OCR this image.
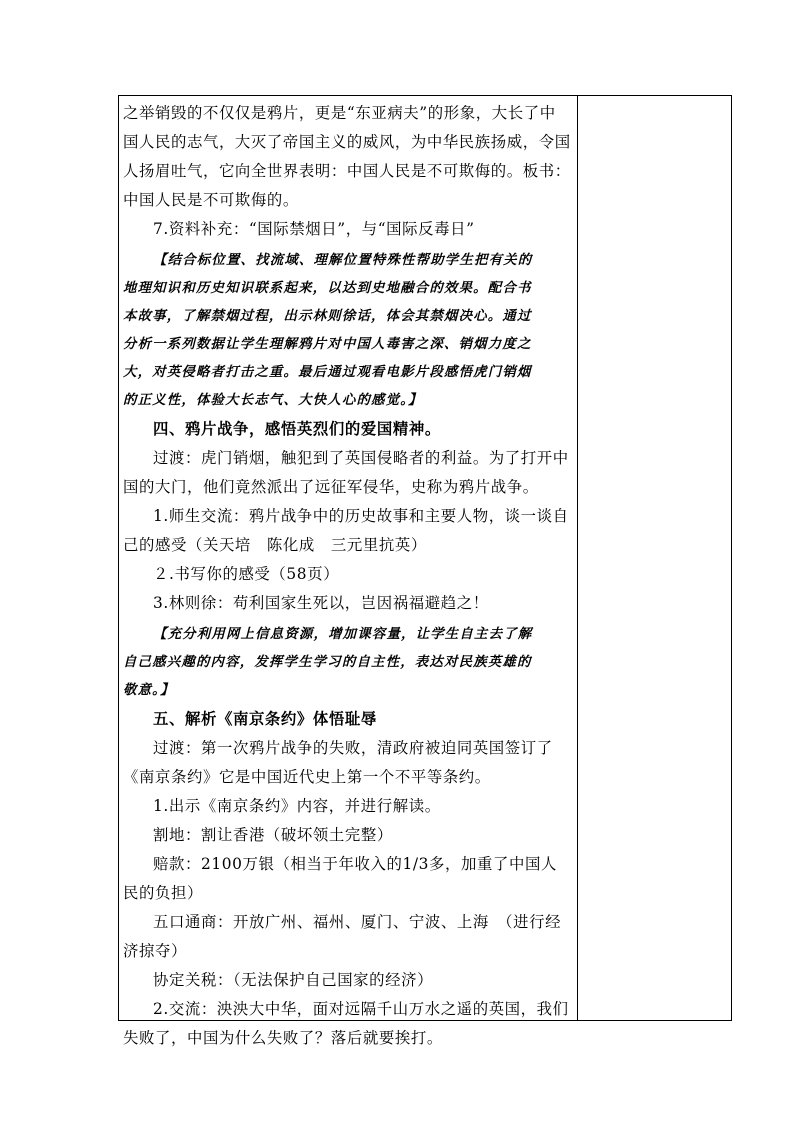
之举销毁的不仅仅是鸦片，更是“东亚病夫”的形象，大长了中
国人民的志气，大灭了帝国主义的威风，为中华民族扬威，令国
人扬眉吐气，它向全世界表明：中国人民是不可欺侮的。板书：
中国人民是不可欺侮的。
7.资料补充：“国际禁烟日”，与“国际反毒日”
【结合标位置、找流域、理解位置特殊性帮助学生把有关的
地理知识和历史知识联系起来，以达到史地融合的效果。配合书
本故事，了解禁烟过程，出示林则徐话，体会其禁烟决心。通过
分析一系列数据让学生理解鸦片对中国人毒害之深、销烟力度之
大，对英侵略者打击之重。最后通过观看电影片段感悟虎门销烟
的正义性，体验大长志气、大快人心的感觉。】
四、鸦片战争，感悟英烈们的爱国精神。
过渡：虎门销烟，触犯到了英国侵略者的利益。为了打开中
国的大门，他们竟然派出了远征军侵华，史称为鸦片战争。
1.师生交流：鸦片战争中的历史故事和主要人物，谈一谈自
己的感受（关天培　陈化成　三元里抗英）
２.书写你的感受（58页）
3.林则徐：苟利国家生死以，岂因祸福避趋之！
【充分利用网上信息资源，增加课容量，让学生自主去了解
自己感兴趣的内容，发挥学生学习的自主性，表达对民族英雄的
敬意。】
五、解析《南京条约》体悟耻辱
过渡：第一次鸦片战争的失败，清政府被迫同英国签订了
《南京条约》它是中国近代史上第一个不平等条约。
1.出示《南京条约》内容，并进行解读。
割地：割让香港（破坏领土完整）
赔款：2100万银（相当于年收入的1/3多，加重了中国人
民的负担）
五口通商：开放广州、福州、厦门、宁波、上海　（进行经
济掠夺）
协定关税：（无法保护自己国家的经济）
2.交流：泱泱大中华，面对远隔千山万水之遥的英国，我们
失败了，中国为什么失败了？落后就要挨打。
